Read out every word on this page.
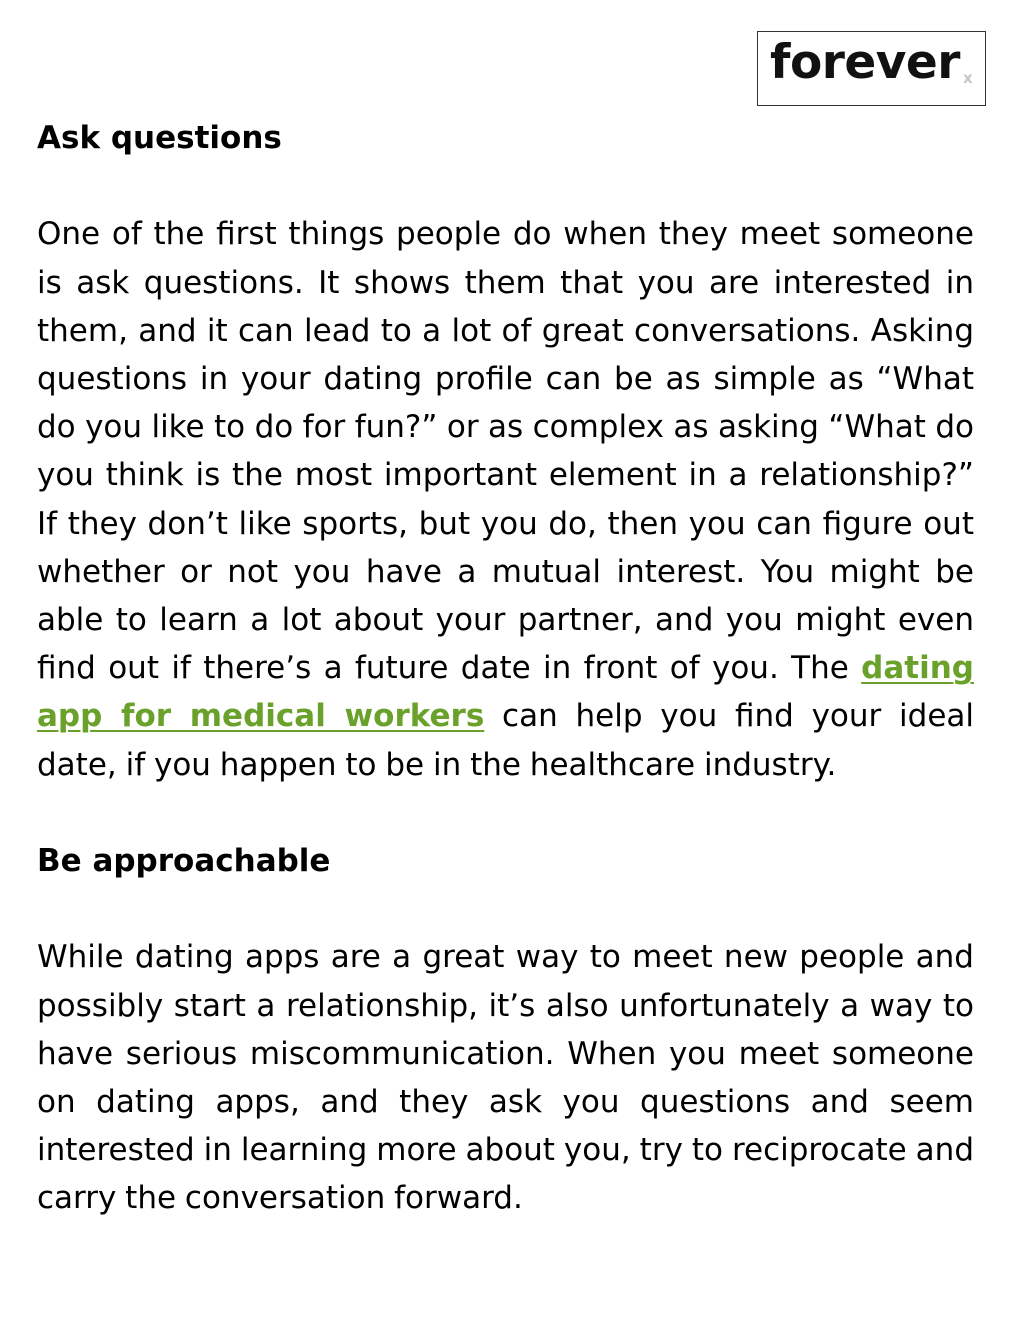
forever x

Ask questions

One of the first things people do when they meet someone is ask questions. It shows them that you are interested in them, and it can lead to a lot of great conversations. Asking questions in your dating profile can be as simple as “What do you like to do for fun?” or as complex as asking “What do you think is the most important element in a relationship?” If they don’t like sports, but you do, then you can figure out whether or not you have a mutual interest. You might be able to learn a lot about your partner, and you might even find out if there’s a future date in front of you. The dating app for medical workers can help you find your ideal date, if you happen to be in the healthcare industry.

Be approachable

While dating apps are a great way to meet new people and possibly start a relationship, it’s also unfortunately a way to have serious miscommunication. When you meet someone on dating apps, and they ask you questions and seem interested in learning more about you, try to reciprocate and carry the conversation forward.
